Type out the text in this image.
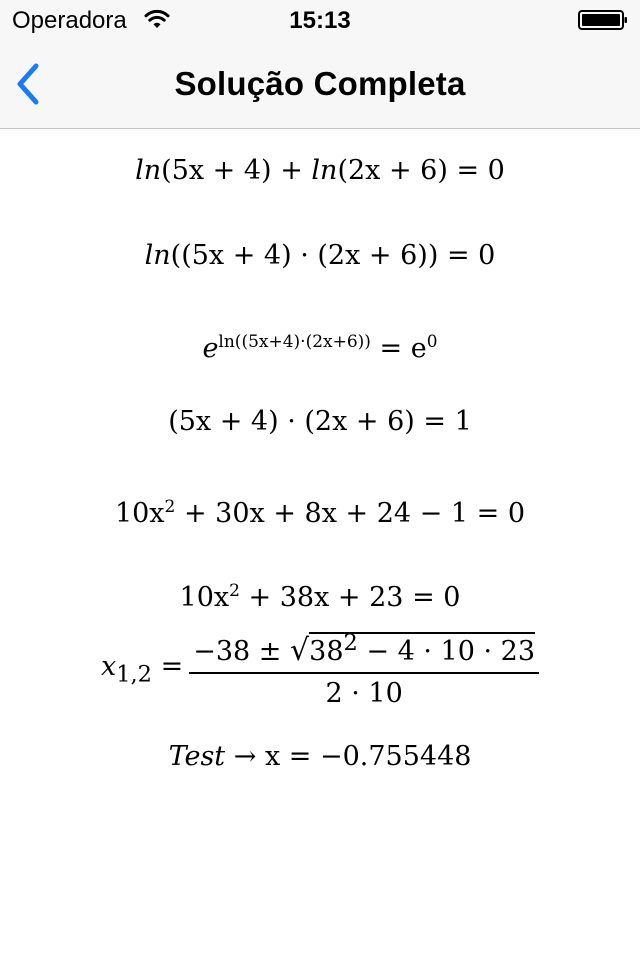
Operadora	15:13
Solução Completa
ln(5x + 4) + ln(2x + 6) = 0
ln((5x + 4) · (2x + 6)) = 0
$e^{ln((5x+4)\cdot(2x+6))} = e^0$
(5x + 4) · (2x + 6) = 1
$10x^2 + 30x + 8x + 24 - 1 = 0$
$10x^2 + 38x + 23 = 0$
$x_{1,2} = \frac{-38 \pm √38^2 - 4 \cdot 10 \cdot 23}{2 \cdot 10}$
Test → x = −0.755448
